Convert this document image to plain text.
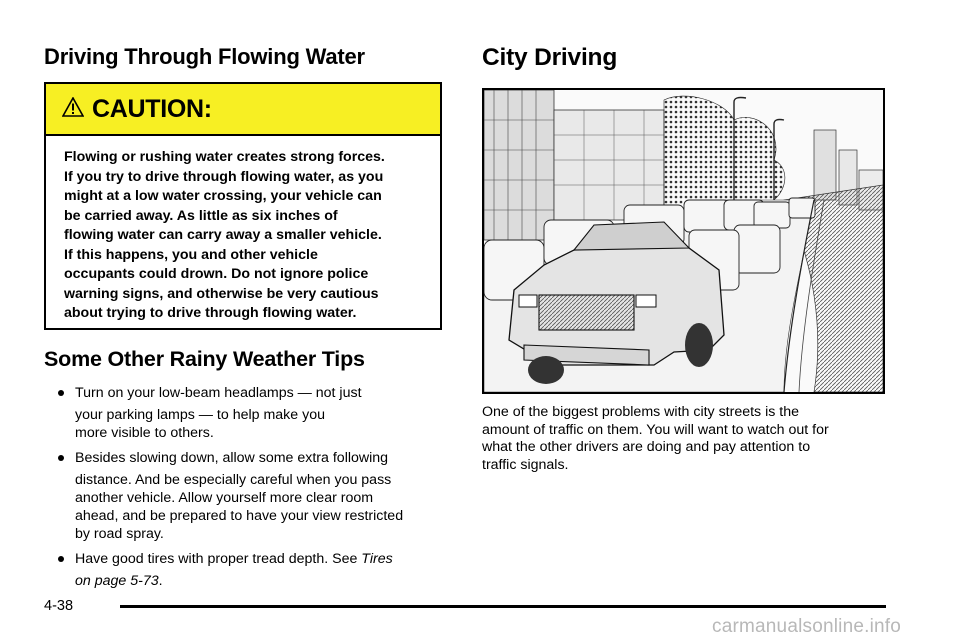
Driving Through Flowing Water
CAUTION:
Flowing or rushing water creates strong forces.
If you try to drive through flowing water, as you
might at a low water crossing, your vehicle can
be carried away. As little as six inches of
flowing water can carry away a smaller vehicle.
If this happens, you and other vehicle
occupants could drown. Do not ignore police
warning signs, and otherwise be very cautious
about trying to drive through flowing water.
Some Other Rainy Weather Tips
Turn on your low-beam headlamps — not just
your parking lamps — to help make you
more visible to others.
Besides slowing down, allow some extra following
distance. And be especially careful when you pass
another vehicle. Allow yourself more clear room
ahead, and be prepared to have your view restricted
by road spray.
Have good tires with proper tread depth. See Tires
on page 5-73.
City Driving
One of the biggest problems with city streets is the
amount of traffic on them. You will want to watch out for
what the other drivers are doing and pay attention to
traffic signals.
4-38
carmanualsonline.info
